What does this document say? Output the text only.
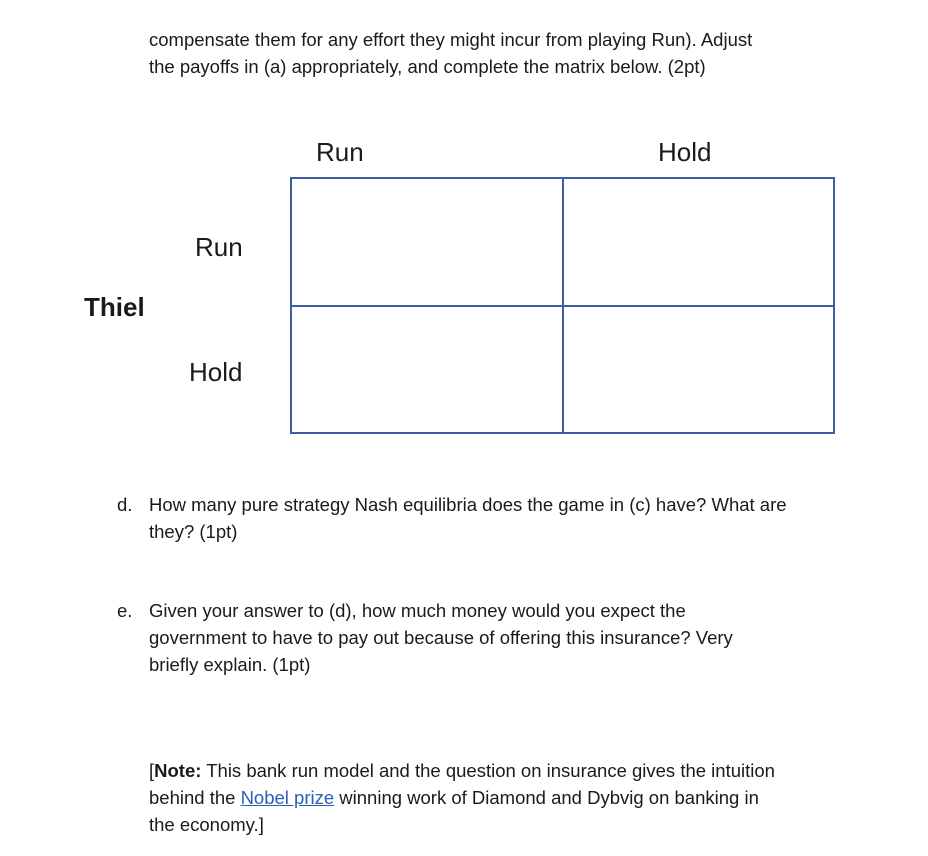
compensate them for any effort they might incur from playing Run). Adjust
the payoffs in (a) appropriately, and complete the matrix below. (2pt)
Run	Hold
Thiel
Run
Hold
d. How many pure strategy Nash equilibria does the game in (c) have? What are
they? (1pt)
e. Given your answer to (d), how much money would you expect the
government to have to pay out because of offering this insurance? Very
briefly explain. (1pt)
[Note: This bank run model and the question on insurance gives the intuition
behind the Nobel prize winning work of Diamond and Dybvig on banking in
the economy.]
